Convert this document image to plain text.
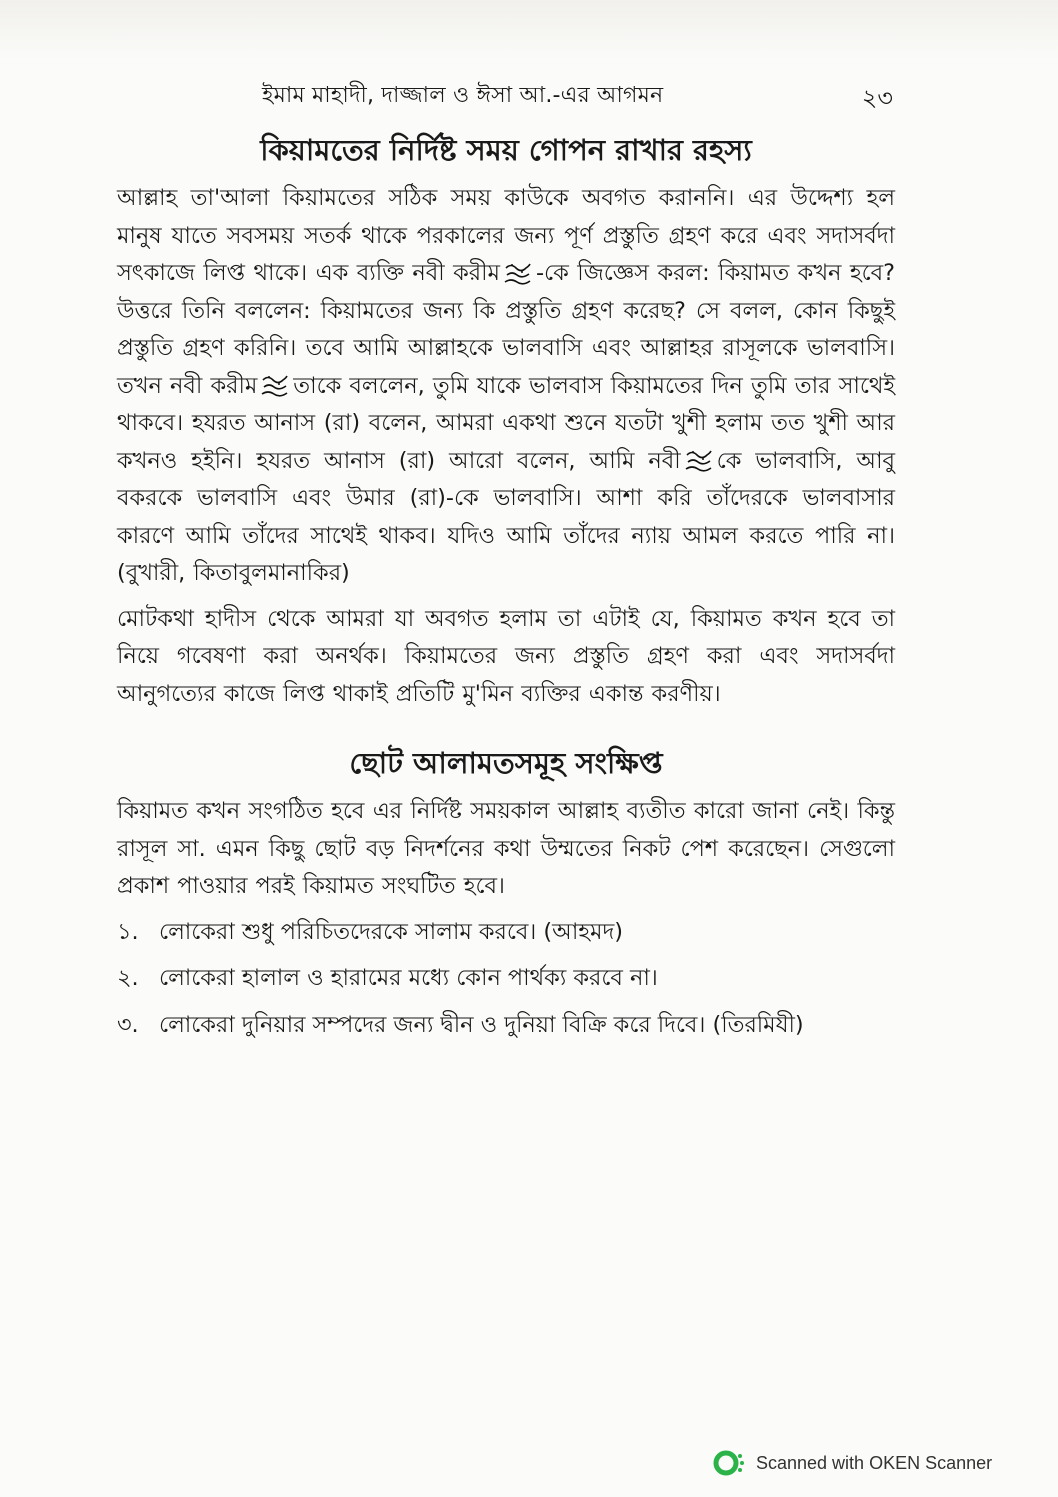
ইমাম মাহাদী, দাজ্জাল ও ঈসা আ.-এর আগমন	২৩
কিয়ামতের নির্দিষ্ট সময় গোপন রাখার রহস্য

আল্লাহ তা'আলা কিয়ামতের সঠিক সময় কাউকে অবগত করাননি। এর উদ্দেশ্য হল মানুষ যাতে সবসময় সতর্ক থাকে পরকালের জন্য পূর্ণ প্রস্তুতি গ্রহণ করে এবং সদাসর্বদা সৎকাজে লিপ্ত থাকে। এক ব্যক্তি নবী করীম -কে জিজ্ঞেস করল: কিয়ামত কখন হবে? উত্তরে তিনি বললেন: কিয়ামতের জন্য কি প্রস্তুতি গ্রহণ করেছ? সে বলল, কোন কিছুই প্রস্তুতি গ্রহণ করিনি। তবে আমি আল্লাহকে ভালবাসি এবং আল্লাহর রাসূলকে ভালবাসি। তখন নবী করীম তাকে বললেন, তুমি যাকে ভালবাস কিয়ামতের দিন তুমি তার সাথেই থাকবে। হযরত আনাস (রা) বলেন, আমরা একথা শুনে যতটা খুশী হলাম তত খুশী আর কখনও হইনি। হযরত আনাস (রা) আরো বলেন, আমি নবী কে ভালবাসি, আবু বকরকে ভালবাসি এবং উমার (রা)-কে ভালবাসি। আশা করি তাঁদেরকে ভালবাসার কারণে আমি তাঁদের সাথেই থাকব। যদিও আমি তাঁদের ন্যায় আমল করতে পারি না। (বুখারী, কিতাবুলমানাকির)

মোটকথা হাদীস থেকে আমরা যা অবগত হলাম তা এটাই যে, কিয়ামত কখন হবে তা নিয়ে গবেষণা করা অনর্থক। কিয়ামতের জন্য প্রস্তুতি গ্রহণ করা এবং সদাসর্বদা আনুগত্যের কাজে লিপ্ত থাকাই প্রতিটি মু'মিন ব্যক্তির একান্ত করণীয়।

ছোট আলামতসমূহ সংক্ষিপ্ত

কিয়ামত কখন সংগঠিত হবে এর নির্দিষ্ট সময়কাল আল্লাহ ব্যতীত কারো জানা নেই। কিন্তু রাসূল সা. এমন কিছু ছোট বড় নিদর্শনের কথা উম্মতের নিকট পেশ করেছেন। সেগুলো প্রকাশ পাওয়ার পরই কিয়ামত সংঘটিত হবে।

১. লোকেরা শুধু পরিচিতদেরকে সালাম করবে। (আহমদ)
২. লোকেরা হালাল ও হারামের মধ্যে কোন পার্থক্য করবে না।
৩. লোকেরা দুনিয়ার সম্পদের জন্য দ্বীন ও দুনিয়া বিক্রি করে দিবে। (তিরমিযী)
Scanned with OKEN Scanner
